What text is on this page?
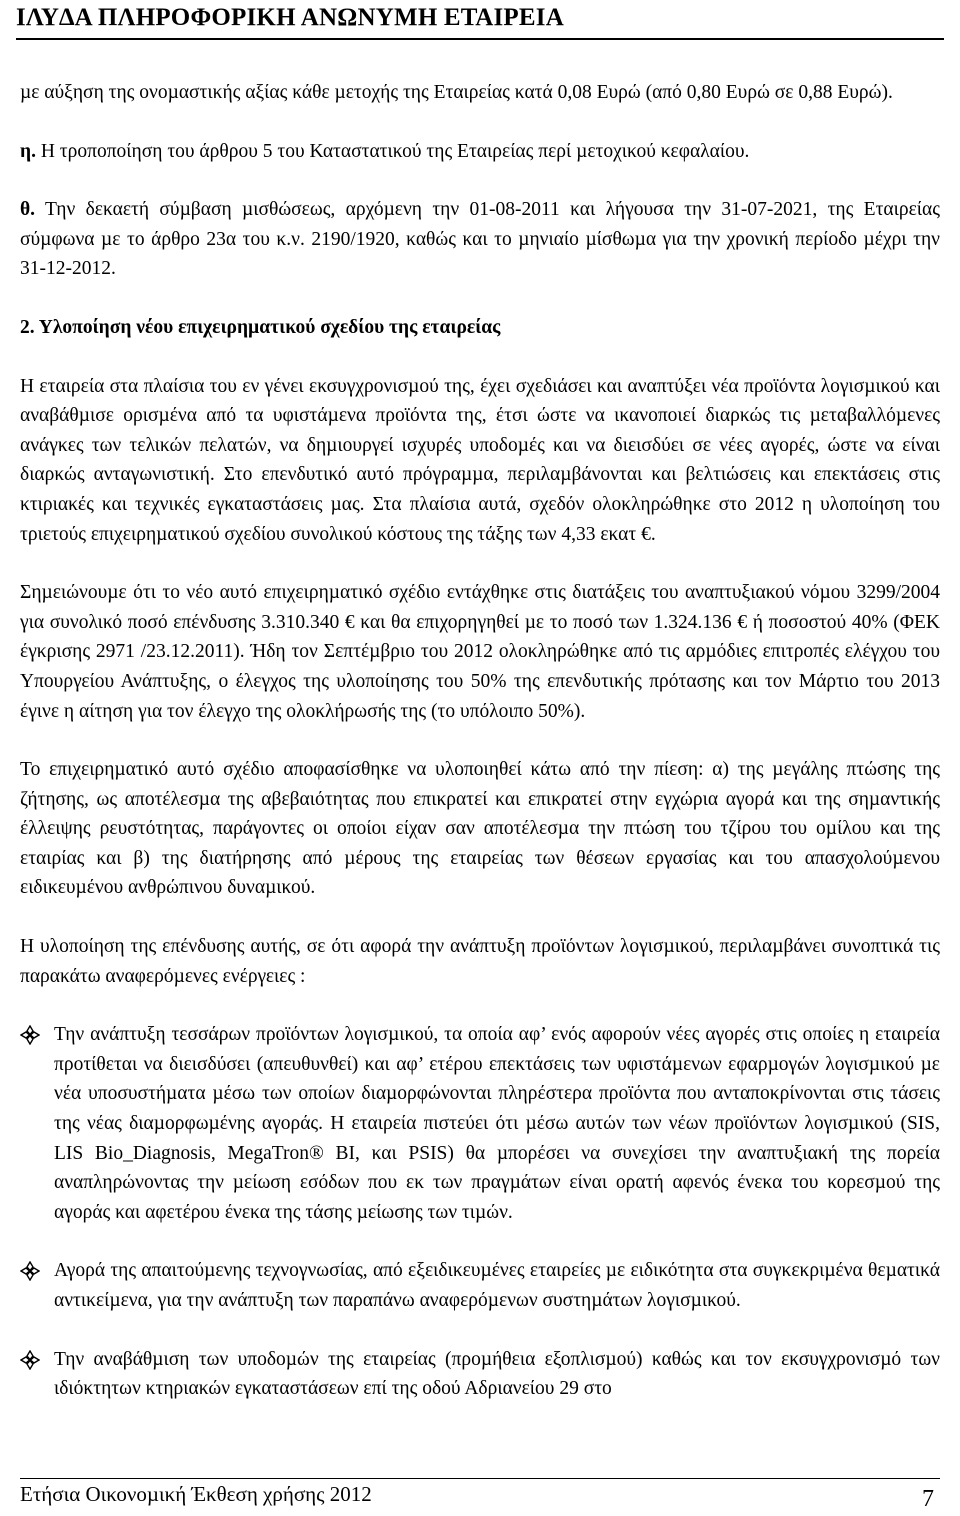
ΙΛΥ∆Α ΠΛΗΡΟΦΟΡΙΚΗ ΑΝΩΝΥΜΗ ΕΤΑΙΡΕΙΑ

µε αύξηση της ονοµαστικής αξίας κάθε µετοχής της Εταιρείας κατά 0,08 Ευρώ (από 0,80 Ευρώ σε 0,88 Ευρώ).

η. Η τροποποίηση του άρθρου 5 του Καταστατικού της Εταιρείας περί µετοχικού κεφαλαίου.

θ. Την δεκαετή σύµβαση µισθώσεως, αρχόµενη την 01-08-2011 και λήγουσα την 31-07-2021, της Εταιρείας σύµφωνα µε το άρθρο 23α του κ.ν. 2190/1920, καθώς και το µηνιαίο µίσθωµα για την χρονική περίοδο µέχρι την 31-12-2012.

2. Υλοποίηση νέου επιχειρηµατικού σχεδίου της εταιρείας

Η εταιρεία στα πλαίσια του εν γένει εκσυγχρονισµού της, έχει σχεδιάσει και αναπτύξει νέα προϊόντα λογισµικού και αναβάθµισε ορισµένα από τα υφιστάµενα προϊόντα της, έτσι ώστε να ικανοποιεί διαρκώς τις µεταβαλλόµενες ανάγκες των τελικών πελατών, να δηµιουργεί ισχυρές υποδοµές και να διεισδύει σε νέες αγορές, ώστε να είναι διαρκώς ανταγωνιστική. Στο επενδυτικό αυτό πρόγραµµα, περιλαµβάνονται και βελτιώσεις και επεκτάσεις στις κτιριακές και τεχνικές εγκαταστάσεις µας. Στα πλαίσια αυτά, σχεδόν ολοκληρώθηκε στο 2012 η υλοποίηση του τριετούς επιχειρηµατικού σχεδίου συνολικού κόστους της τάξης των 4,33 εκατ €.

Σηµειώνουµε ότι το νέο αυτό επιχειρηµατικό σχέδιο εντάχθηκε στις διατάξεις του αναπτυξιακού νόµου 3299/2004 για συνολικό ποσό επένδυσης 3.310.340 € και θα επιχορηγηθεί µε το ποσό των 1.324.136 € ή ποσοστού 40% (ΦΕΚ έγκρισης 2971 /23.12.2011). Ήδη τον Σεπτέµβριο του 2012 ολοκληρώθηκε από τις αρµόδιες επιτροπές ελέγχου του Υπουργείου Ανάπτυξης, ο έλεγχος της υλοποίησης του 50% της επενδυτικής πρότασης και τον Μάρτιο του 2013 έγινε η αίτηση για τον έλεγχο της ολοκλήρωσής της (το υπόλοιπο 50%).

Το επιχειρηµατικό αυτό σχέδιο αποφασίσθηκε να υλοποιηθεί κάτω από την πίεση: α) της µεγάλης πτώσης της ζήτησης, ως αποτέλεσµα της αβεβαιότητας που επικρατεί και επικρατεί στην εγχώρια αγορά και της σηµαντικής έλλειψης ρευστότητας, παράγοντες οι οποίοι είχαν σαν αποτέλεσµα την πτώση του τζίρου του οµίλου και της εταιρίας και β) της διατήρησης από µέρους της εταιρείας των θέσεων εργασίας και του απασχολούµενου ειδικευµένου ανθρώπινου δυναµικού.

Η υλοποίηση της επένδυσης αυτής, σε ότι αφορά την ανάπτυξη προϊόντων λογισµικού, περιλαµβάνει συνοπτικά τις παρακάτω αναφερόµενες ενέργειες :

Την ανάπτυξη τεσσάρων προϊόντων λογισµικού, τα οποία αφ’ ενός αφορούν νέες αγορές στις οποίες η εταιρεία προτίθεται να διεισδύσει (απευθυνθεί) και αφ’ ετέρου επεκτάσεις των υφιστάµενων εφαρµογών λογισµικού µε νέα υποσυστήµατα µέσω των οποίων διαµορφώνονται πληρέστερα προϊόντα που ανταποκρίνονται στις τάσεις της νέας διαµορφωµένης αγοράς. Η εταιρεία πιστεύει ότι µέσω αυτών των νέων προϊόντων λογισµικού (SIS, LIS Bio_Diagnosis, MegaTron® BI, και PSIS) θα µπορέσει να συνεχίσει την αναπτυξιακή της πορεία αναπληρώνοντας την µείωση εσόδων που εκ των πραγµάτων είναι ορατή αφενός ένεκα του κορεσµού της αγοράς και αφετέρου ένεκα της τάσης µείωσης των τιµών.
Αγορά της απαιτούµενης τεχνογνωσίας, από εξειδικευµένες εταιρείες µε ειδικότητα στα συγκεκριµένα θεµατικά αντικείµενα, για την ανάπτυξη των παραπάνω αναφερόµενων συστηµάτων λογισµικού.
Την αναβάθµιση των υποδοµών της εταιρείας (προµήθεια εξοπλισµού) καθώς και τον εκσυγχρονισµό των ιδιόκτητων κτηριακών εγκαταστάσεων επί της οδού Αδριανείου 29 στο
Ετήσια Οικονοµική Έκθεση χρήσης 2012	7
